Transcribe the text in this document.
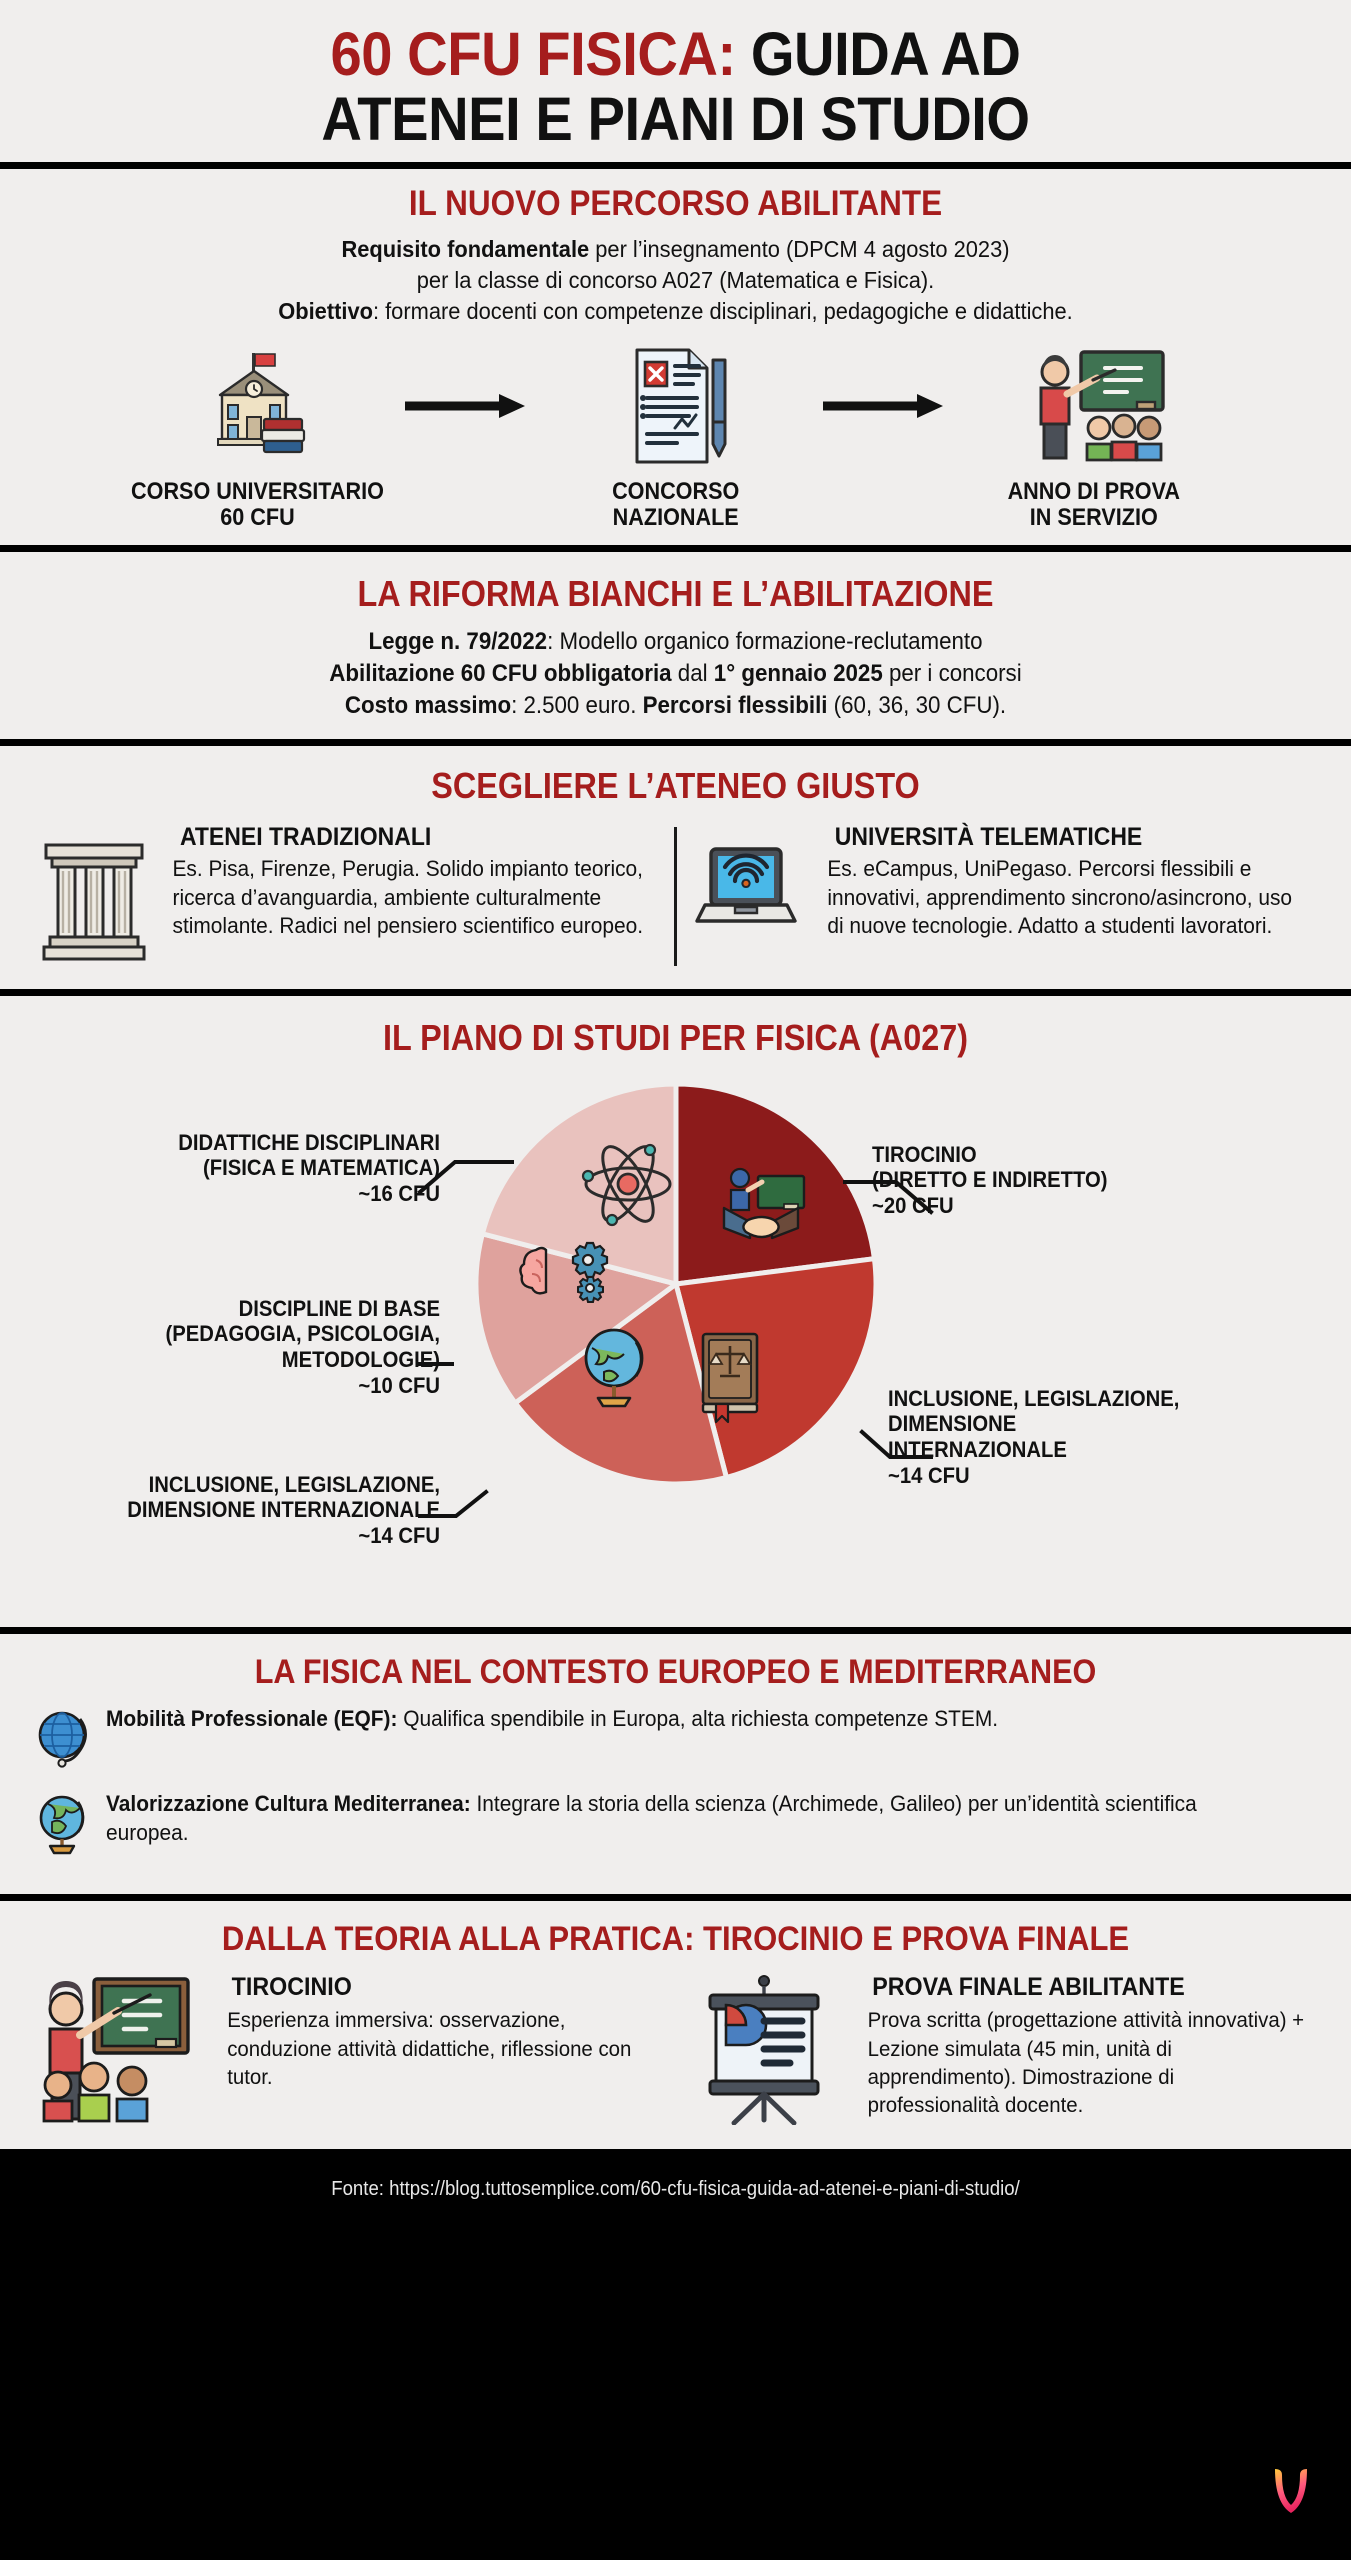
60 CFU FISICA: GUIDA AD
ATENEI E PIANI DI STUDIO
IL NUOVO PERCORSO ABILITANTE
Requisito fondamentale per l’insegnamento (DPCM 4 agosto 2023)
per la classe di concorso A027 (Matematica e Fisica).
Obiettivo: formare docenti con competenze disciplinari, pedagogiche e didattiche.
CORSO UNIVERSITARIO
60 CFU
CONCORSO
NAZIONALE
ANNO DI PROVA
IN SERVIZIO
LA RIFORMA BIANCHI E L’ABILITAZIONE
Legge n. 79/2022: Modello organico formazione-reclutamento
Abilitazione 60 CFU obbligatoria dal 1° gennaio 2025 per i concorsi
Costo massimo: 2.500 euro. Percorsi flessibili (60, 36, 30 CFU).
SCEGLIERE L’ATENEO GIUSTO
ATENEI TRADIZIONALI
Es. Pisa, Firenze, Perugia. Solido impianto teorico, ricerca d’avanguardia, ambiente culturalmente stimolante. Radici nel pensiero scientifico europeo.
UNIVERSITÀ TELEMATICHE
Es. eCampus, UniPegaso. Percorsi flessibili e innovativi, apprendimento sincrono/asincrono, uso di nuove tecnologie. Adatto a studenti lavoratori.
IL PIANO DI STUDI PER FISICA (A027)
DIDATTICHE DISCIPLINARI
(FISICA E MATEMATICA)
~16 CFU
TIROCINIO
(DIRETTO E INDIRETTO)
~20 CFU
DISCIPLINE DI BASE
(PEDAGOGIA, PSICOLOGIA,
METODOLOGIE)
~10 CFU
INCLUSIONE, LEGISLAZIONE,
DIMENSIONE
INTERNAZIONALE
~14 CFU
INCLUSIONE, LEGISLAZIONE,
DIMENSIONE INTERNAZIONALE
~14 CFU
LA FISICA NEL CONTESTO EUROPEO E MEDITERRANEO
Mobilità Professionale (EQF): Qualifica spendibile in Europa, alta richiesta competenze STEM.
Valorizzazione Cultura Mediterranea: Integrare la storia della scienza (Archimede, Galileo) per un’identità scientifica europea.
DALLA TEORIA ALLA PRATICA: TIROCINIO E PROVA FINALE
TIROCINIO
Esperienza immersiva: osservazione, conduzione attività didattiche, riflessione con tutor.
PROVA FINALE ABILITANTE
Prova scritta (progettazione attività innovativa) + Lezione simulata (45 min, unità di apprendimento). Dimostrazione di professionalità docente.
Fonte: https://blog.tuttosemplice.com/60-cfu-fisica-guida-ad-atenei-e-piani-di-studio/
